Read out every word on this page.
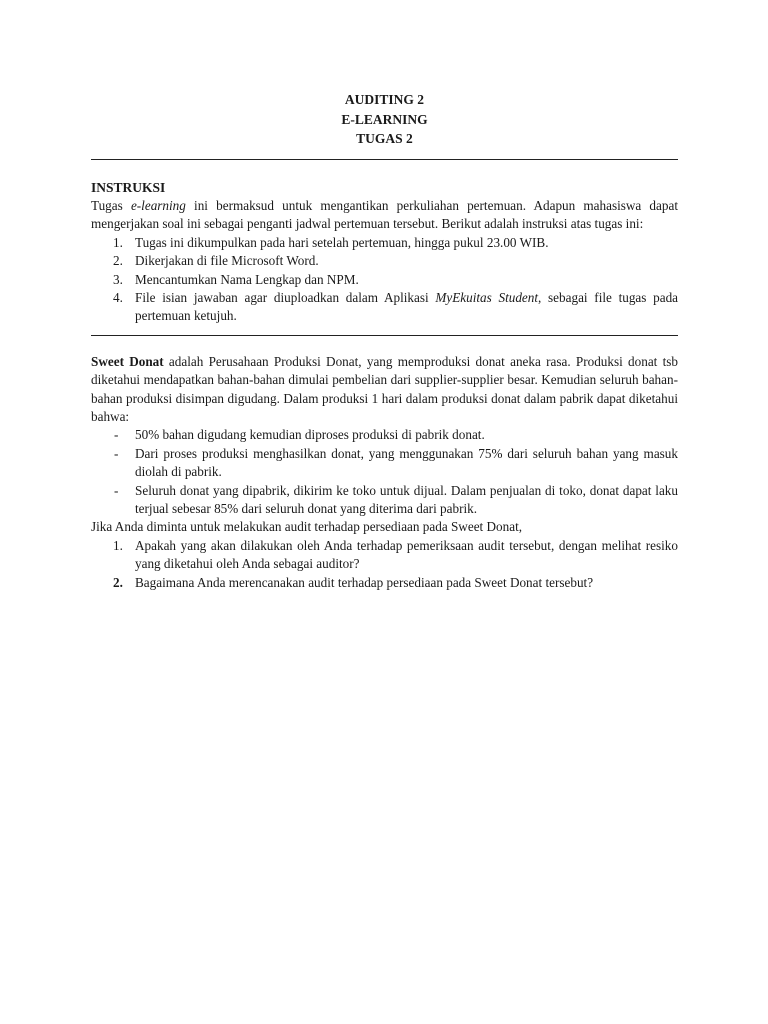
AUDITING 2
E-LEARNING
TUGAS 2
INSTRUKSI

Tugas e-learning ini bermaksud untuk mengantikan perkuliahan pertemuan. Adapun mahasiswa dapat mengerjakan soal ini sebagai penganti jadwal pertemuan tersebut. Berikut adalah instruksi atas tugas ini:

1. Tugas ini dikumpulkan pada hari setelah pertemuan, hingga pukul 23.00 WIB.
2. Dikerjakan di file Microsoft Word.
3. Mencantumkan Nama Lengkap dan NPM.
4. File isian jawaban agar diuploadkan dalam Aplikasi MyEkuitas Student, sebagai file tugas pada pertemuan ketujuh.

Sweet Donat adalah Perusahaan Produksi Donat, yang memproduksi donat aneka rasa. Produksi donat tsb diketahui mendapatkan bahan-bahan dimulai pembelian dari supplier-supplier besar. Kemudian seluruh bahan-bahan produksi disimpan digudang. Dalam produksi 1 hari dalam produksi donat dalam pabrik dapat diketahui bahwa:

-	50% bahan digudang kemudian diproses produksi di pabrik donat.
-	Dari proses produksi menghasilkan donat, yang menggunakan 75% dari seluruh bahan yang masuk diolah di pabrik.
-	Seluruh donat yang dipabrik, dikirim ke toko untuk dijual. Dalam penjualan di toko, donat dapat laku terjual sebesar 85% dari seluruh donat yang diterima dari pabrik.

Jika Anda diminta untuk melakukan audit terhadap persediaan pada Sweet Donat,

1. Apakah yang akan dilakukan oleh Anda terhadap pemeriksaan audit tersebut, dengan melihat resiko yang diketahui oleh Anda sebagai auditor?
2. Bagaimana Anda merencanakan audit terhadap persediaan pada Sweet Donat tersebut?
